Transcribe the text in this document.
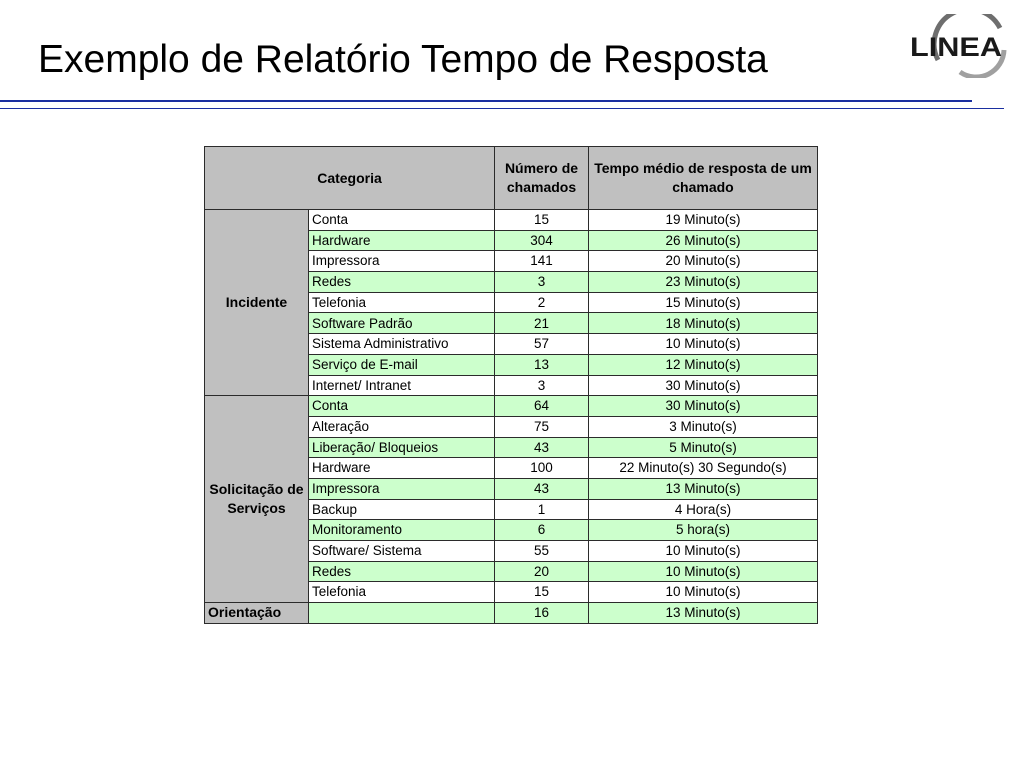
Exemplo de Relatório Tempo de Resposta	LINEA
Categoria		Número de chamados	Tempo médio de resposta de um chamado
Incidente	Conta	15	19 Minuto(s)
	Hardware	304	26 Minuto(s)
	Impressora	141	20 Minuto(s)
	Redes	3	23 Minuto(s)
	Telefonia	2	15 Minuto(s)
	Software Padrão	21	18 Minuto(s)
	Sistema Administrativo	57	10 Minuto(s)
	Serviço de E-mail	13	12 Minuto(s)
	Internet/ Intranet	3	30 Minuto(s)
Solicitação de Serviços	Conta	64	30 Minuto(s)
	Alteração	75	3 Minuto(s)
	Liberação/ Bloqueios	43	5 Minuto(s)
	Hardware	100	22 Minuto(s) 30 Segundo(s)
	Impressora	43	13 Minuto(s)
	Backup	1	4 Hora(s)
	Monitoramento	6	5 hora(s)
	Software/ Sistema	55	10 Minuto(s)
	Redes	20	10 Minuto(s)
	Telefonia	15	10 Minuto(s)
Orientação		16	13 Minuto(s)
